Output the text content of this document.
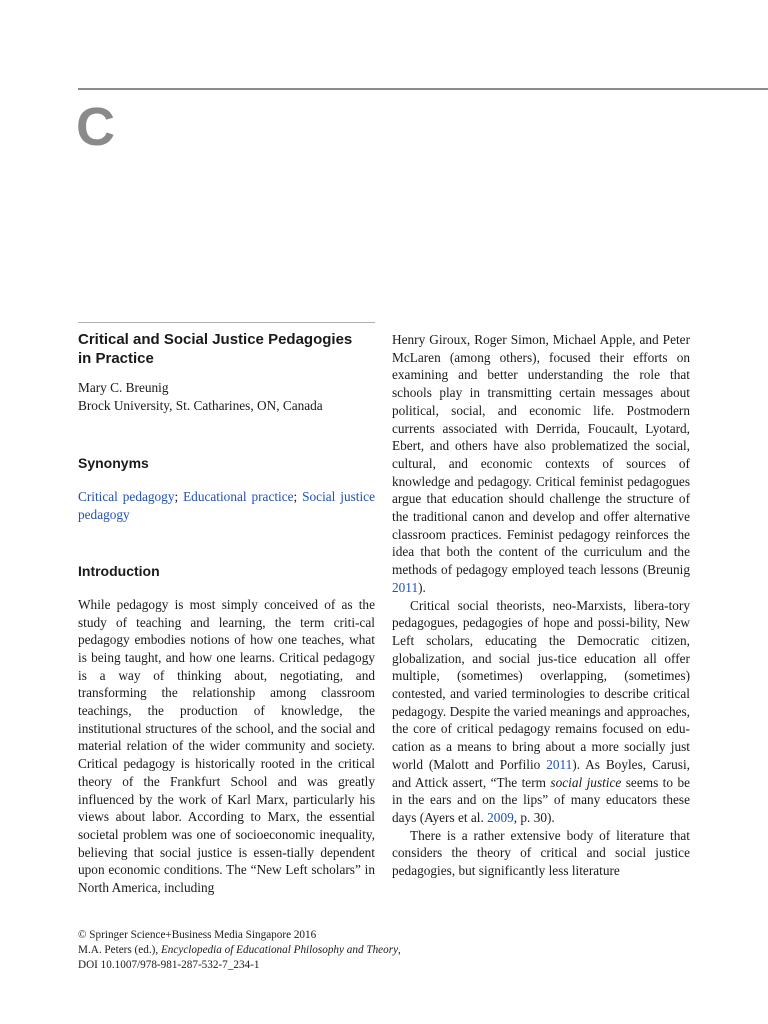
C
Critical and Social Justice Pedagogies
in Practice
Mary C. Breunig
Brock University, St. Catharines, ON, Canada
Synonyms

Critical pedagogy; Educational practice; Social justice pedagogy

Introduction

While pedagogy is most simply conceived of as the study of teaching and learning, the term criti-cal pedagogy embodies notions of how one teaches, what is being taught, and how one learns. Critical pedagogy is a way of thinking about, negotiating, and transforming the relationship among classroom teachings, the production of knowledge, the institutional structures of the school, and the social and material relation of the wider community and society. Critical pedagogy is historically rooted in the critical theory of the Frankfurt School and was greatly influenced by the work of Karl Marx, particularly his views about labor. According to Marx, the essential societal problem was one of socioeconomic inequality, believing that social justice is essen-tially dependent upon economic conditions. The “New Left scholars” in North America, including

Henry Giroux, Roger Simon, Michael Apple, and Peter McLaren (among others), focused their efforts on examining and better understanding the role that schools play in transmitting certain messages about political, social, and economic life. Postmodern currents associated with Derrida, Foucault, Lyotard, Ebert, and others have also problematized the social, cultural, and economic contexts of sources of knowledge and pedagogy. Critical feminist pedagogues argue that education should challenge the structure of the traditional canon and develop and offer alternative classroom practices. Feminist pedagogy reinforces the idea that both the content of the curriculum and the methods of pedagogy employed teach lessons (Breunig 2011).

Critical social theorists, neo-Marxists, libera-tory pedagogues, pedagogies of hope and possi-bility, New Left scholars, educating the Democratic citizen, globalization, and social jus-tice education all offer multiple, (sometimes) overlapping, (sometimes) contested, and varied terminologies to describe critical pedagogy. Despite the varied meanings and approaches, the core of critical pedagogy remains focused on edu-cation as a means to bring about a more socially just world (Malott and Porfilio 2011). As Boyles, Carusi, and Attick assert, “The term social justice seems to be in the ears and on the lips” of many educators these days (Ayers et al. 2009, p. 30).

There is a rather extensive body of literature that considers the theory of critical and social justice pedagogies, but significantly less literature

© Springer Science+Business Media Singapore 2016
M.A. Peters (ed.), Encyclopedia of Educational Philosophy and Theory,
DOI 10.1007/978-981-287-532-7_234-1
